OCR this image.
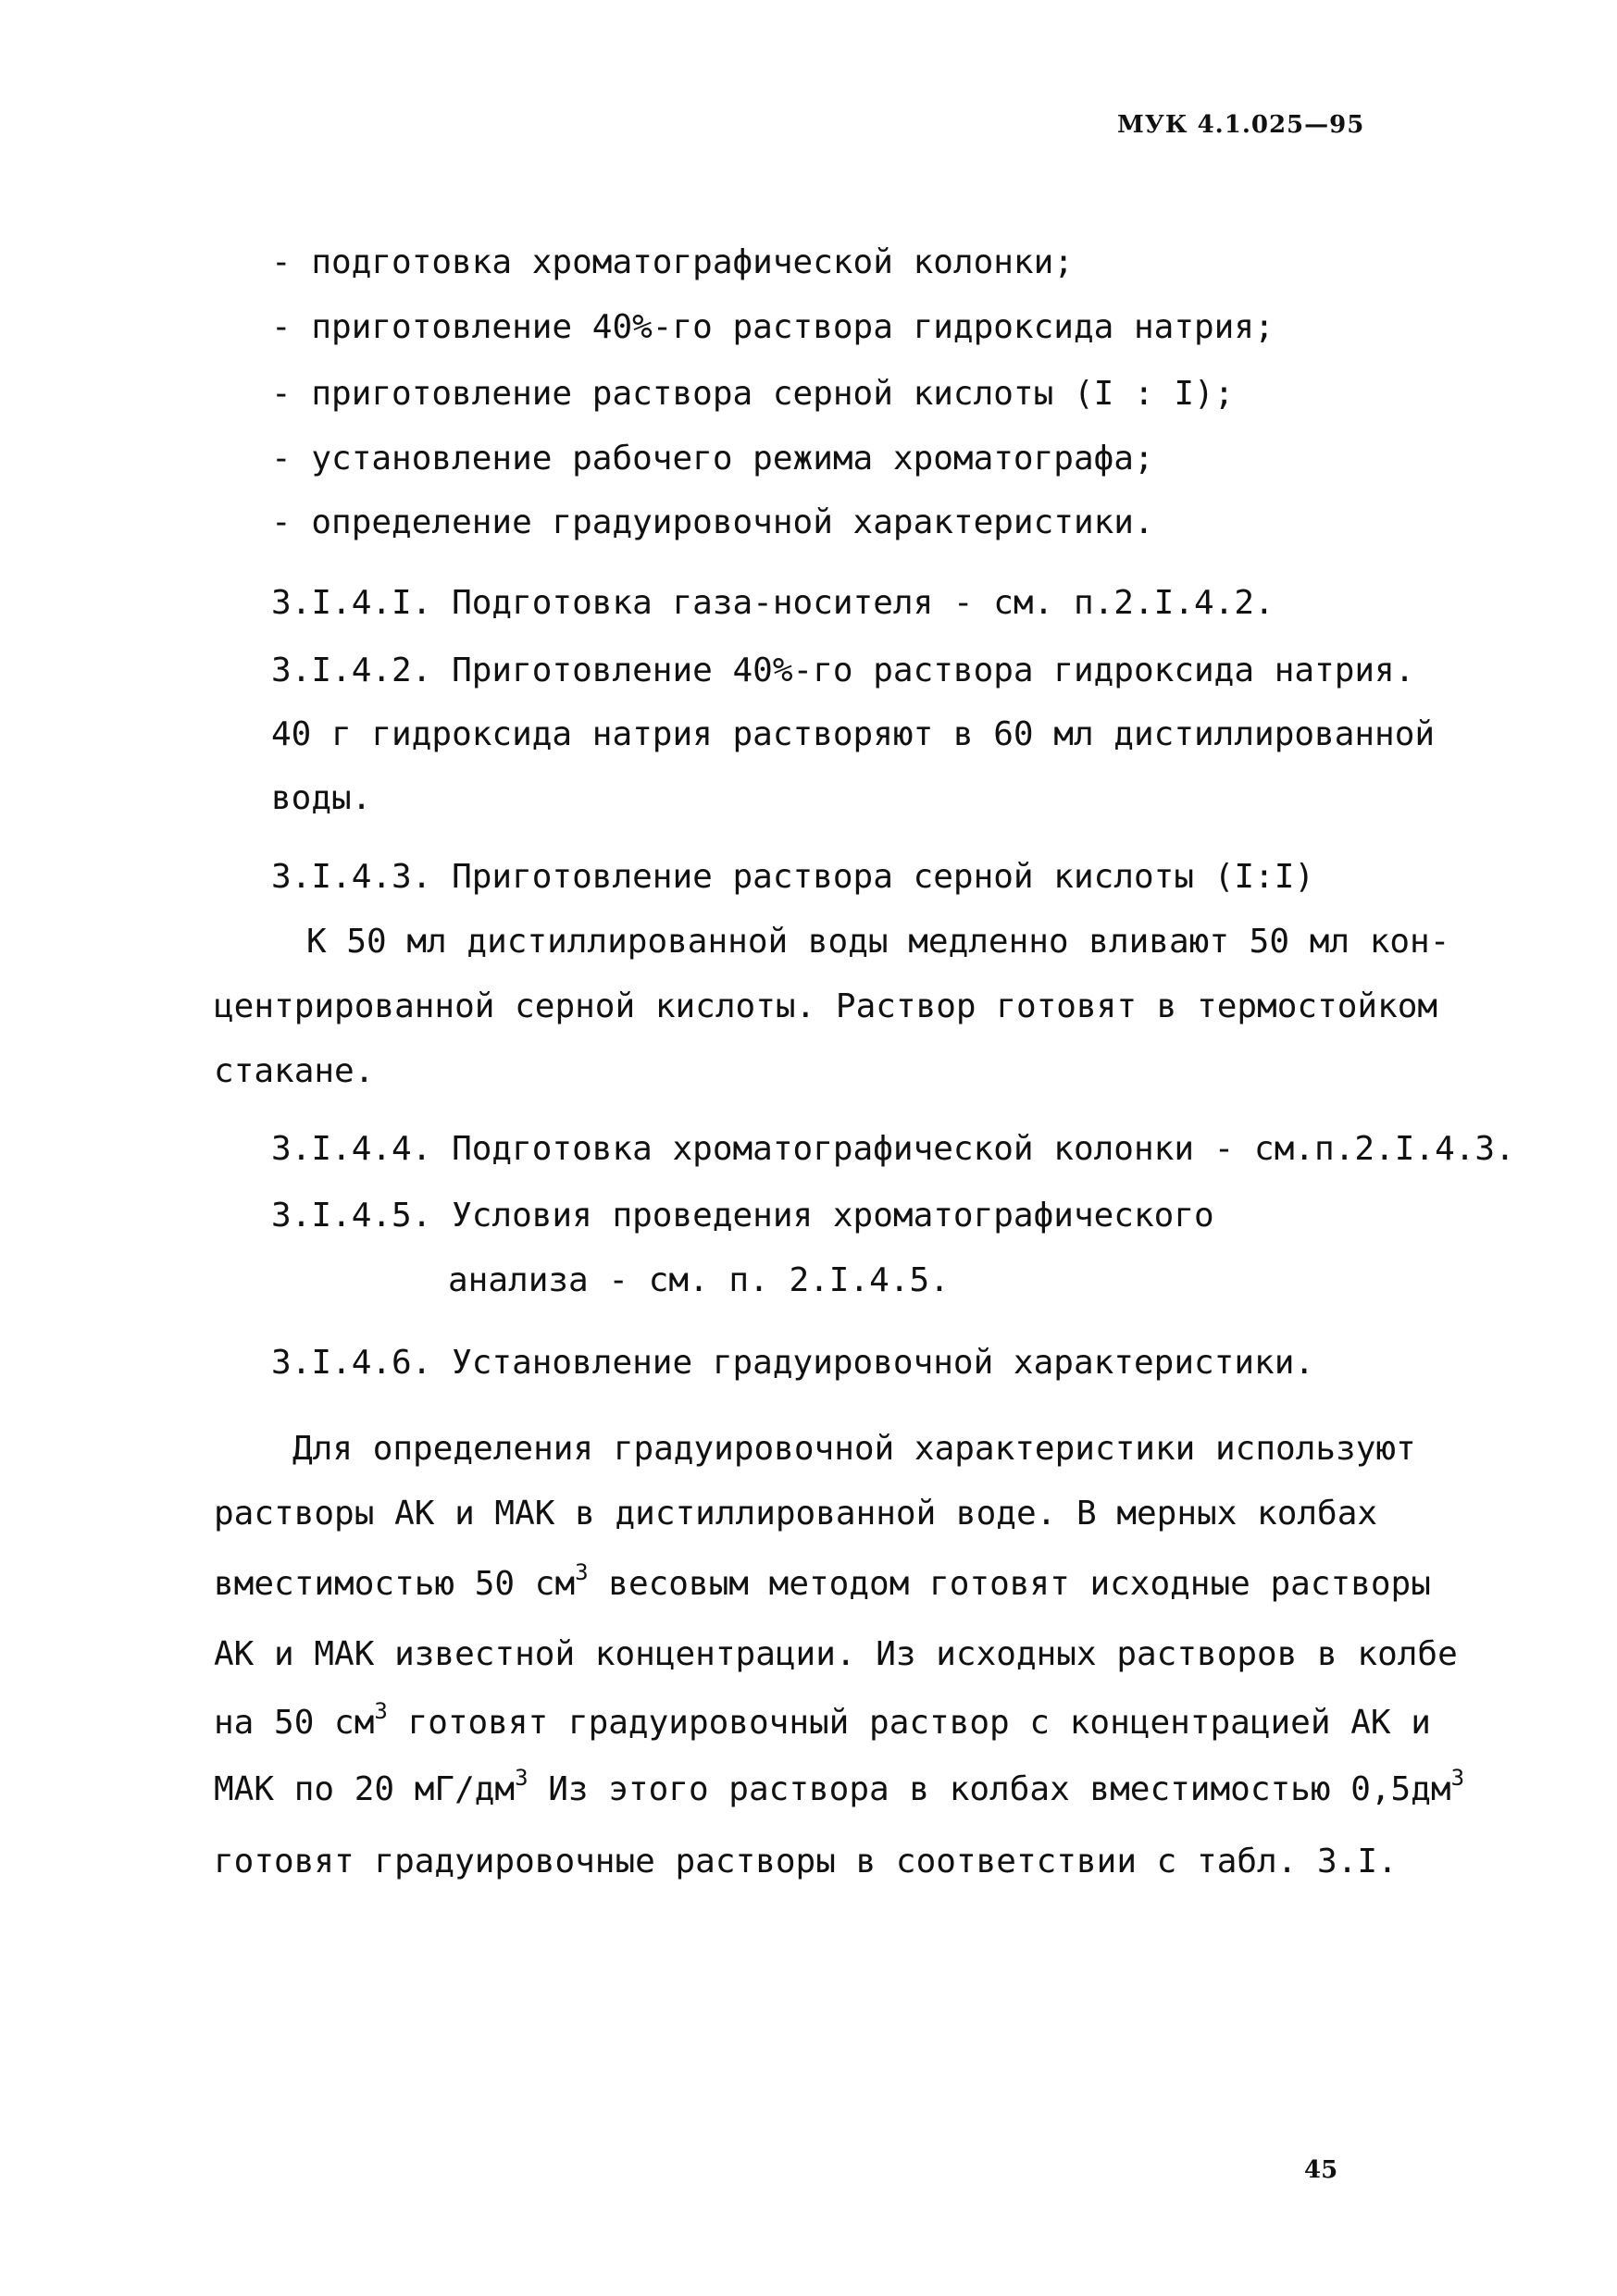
МУК 4.1.025—95
- подготовка хроматографической колонки;
- приготовление 40%-го раствора гидроксида натрия;
- приготовление раствора серной кислоты (I : I);
- установление рабочего режима хроматографа;
- определение градуировочной характеристики.
3.I.4.I. Подготовка газа-носителя - см. п.2.I.4.2.
3.I.4.2. Приготовление 40%-го раствора гидроксида натрия.
40 г гидроксида натрия растворяют в 60 мл дистиллированной
воды.
3.I.4.3. Приготовление раствора серной кислоты (I:I)
К 50 мл дистиллированной воды медленно вливают 50 мл кон-
центрированной серной кислоты. Раствор готовят в термостойком
стакане.
3.I.4.4. Подготовка хроматографической колонки - см.п.2.I.4.3.
3.I.4.5. Условия проведения хроматографического
анализа - см. п. 2.I.4.5.
3.I.4.6. Установление градуировочной характеристики.
Для определения градуировочной характеристики используют
растворы АК и МАК в дистиллированной воде. В мерных колбах
вместимостью 50 $см^3$ весовым методом готовят исходные растворы
АК и МАК известной концентрации. Из исходных растворов в колбе
на 50 $см^3$ готовят градуировочный раствор с концентрацией АК и
МАК по 20 $мГ/дм^3$ Из этого раствора в колбах вместимостью $0,5дм^3$
готовят градуировочные растворы в соответствии с табл. 3.I.
45
